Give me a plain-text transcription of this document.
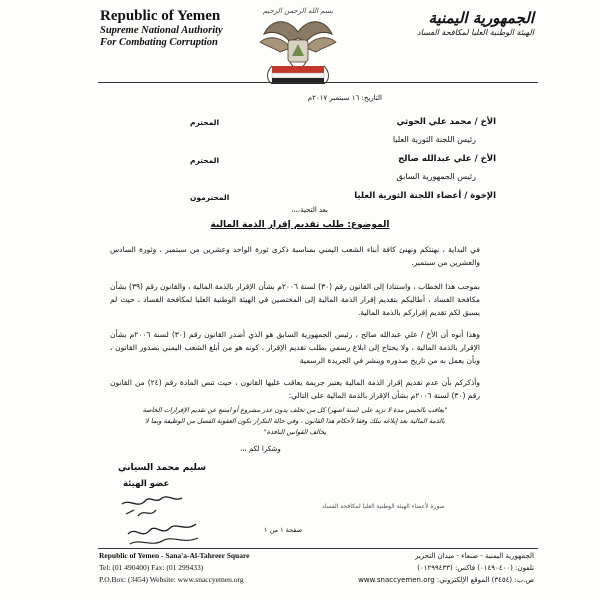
Republic of Yemen
Supreme National Authority
For Combating Corruption
بسم الله الرحمن الرحيم	الجمهورية اليمنية
الهيئة الوطنية العليا لمكافحة الفساد
التاريخ: ١٦ سبتمبر ٢٠١٧م
الأخ / محمد علي الحوثي
المحترم
رئيس اللجنة الثورية العليا
الأخ / علي عبدالله صالح
المحترم
رئيس الجمهورية السابق
الإخوة / أعضاء اللجنة الثورية العليا
المحترمون
بعد التحية،،،،
الموضوع: طلب تقديم إقرار الذمة المالية
في البداية ، نهنئكم ونهنئ كافة أبناء الشعب اليمني بمناسبة ذكرى ثورة الواحد وعشرين من سبتمبر ، وثورة السادس والعشرين من سبتمبر.
بموجب هذا الخطاب ، واستنادا إلى القانون رقم (٣٠) لسنة ٢٠٠٦م بشأن الإقرار بالذمة المالية ، والقانون رقم (٣٩) بشأن مكافحة الفساد ، أطالبكم بتقديم إقرار الذمة المالية إلى المختصين في الهيئة الوطنية العليا لمكافحة الفساد ، حيث لم يسبق لكم تقديم إقراركم بالذمة المالية.
وهذا أنوه أن الأخ / علي عبدالله صالح ، رئيس الجمهورية السابق هو الذي أصدر القانون رقم (٣٠) لسنة ٢٠٠٦م بشأن الإقرار بالذمة المالية ، ولا يحتاج إلى ابلاغ رسمي بطلب تقديم الإقرار ، كونه هو من أبلغ الشعب اليمني بصدور القانون ، وبأن يعمل به من تاريخ صدوره وينشر في الجريدة الرسمية
وأذكركم بأن عدم تقديم إقرار الذمة المالية يعتبر جريمة يعاقب عليها القانون ، حيث تنص المادة رقم (٢٤) من القانون رقم (٣٠) لسنة ٢٠٠٦م بشأن الإقرار بالذمة المالية على التالي:
"يعاقب بالحبس مدة لا تزيد على (ستة اشهر) كل من تخلف بدون عذر مشروع أو امتنع عن تقديم الإقرارات الخاصة بالذمة المالية بعد إبلاغه بتلك وفقا لأحكام هذا القانون ، وفي حالة التكرار تكون العقوبة الفصل من الوظيفة وبما لا يخالف القوانين النافذة"
وشكرا لكم ،،،
سليم محمد السياني
عضو الهيئة
صورة لأعضاء الهيئة الوطنية العليا لمكافحة الفساد
صفحة ١ من ١
Republic of Yemen - Sana'a-Al-Tahreer Square
Tel: (01 490400) Fax: (01 299433)
P.O.Box: (3454) Website: www.snaccyemen.org
الجمهورية اليمنية - صنعاء - ميدان التحرير
تلفون: (٠١٤٩٠٤٠٠) فاكس: (٠١٢٩٩٤٣٣)
ص.ب: (٣٤٥٤) الموقع الإلكتروني: www.snaccyemen.org
